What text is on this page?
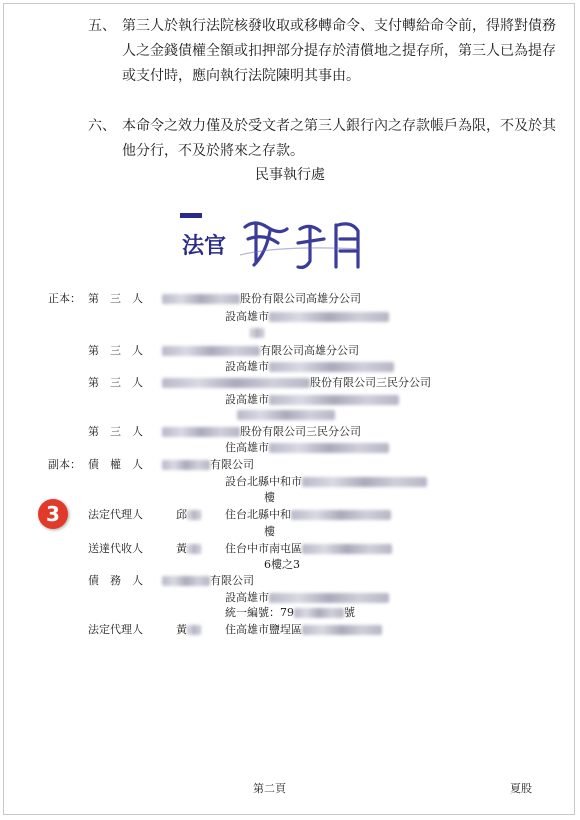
五、 第三人於執行法院核發收取或移轉命令、支付轉給命令前，得將對債務人之金錢債權全額或扣押部分提存於清償地之提存所，第三人已為提存或支付時，應向執行法院陳明其事由。
六、 本命令之效力僅及於受文者之第三人銀行內之存款帳戶為限，不及於其他分行，不及於將來之存款。
民事執行處
法官
正本： 第　三　人	股份有限公司高雄分公司
設高雄市
第　三　人	有限公司高雄分公司
設高雄市
第　三　人	股份有限公司三民分公司
設高雄市
第　三　人	股份有限公司三民分公司
住高雄市
副本： 債　權　人	有限公司
設台北縣中和市
樓
3	法定代理人	邱	住台北縣中和
樓
送達代收人	黃	住台中市南屯區
6樓之3
債　務　人	有限公司
設高雄市
統一編號：79	號
法定代理人	黃	住高雄市鹽埕區
第二頁	夏股
